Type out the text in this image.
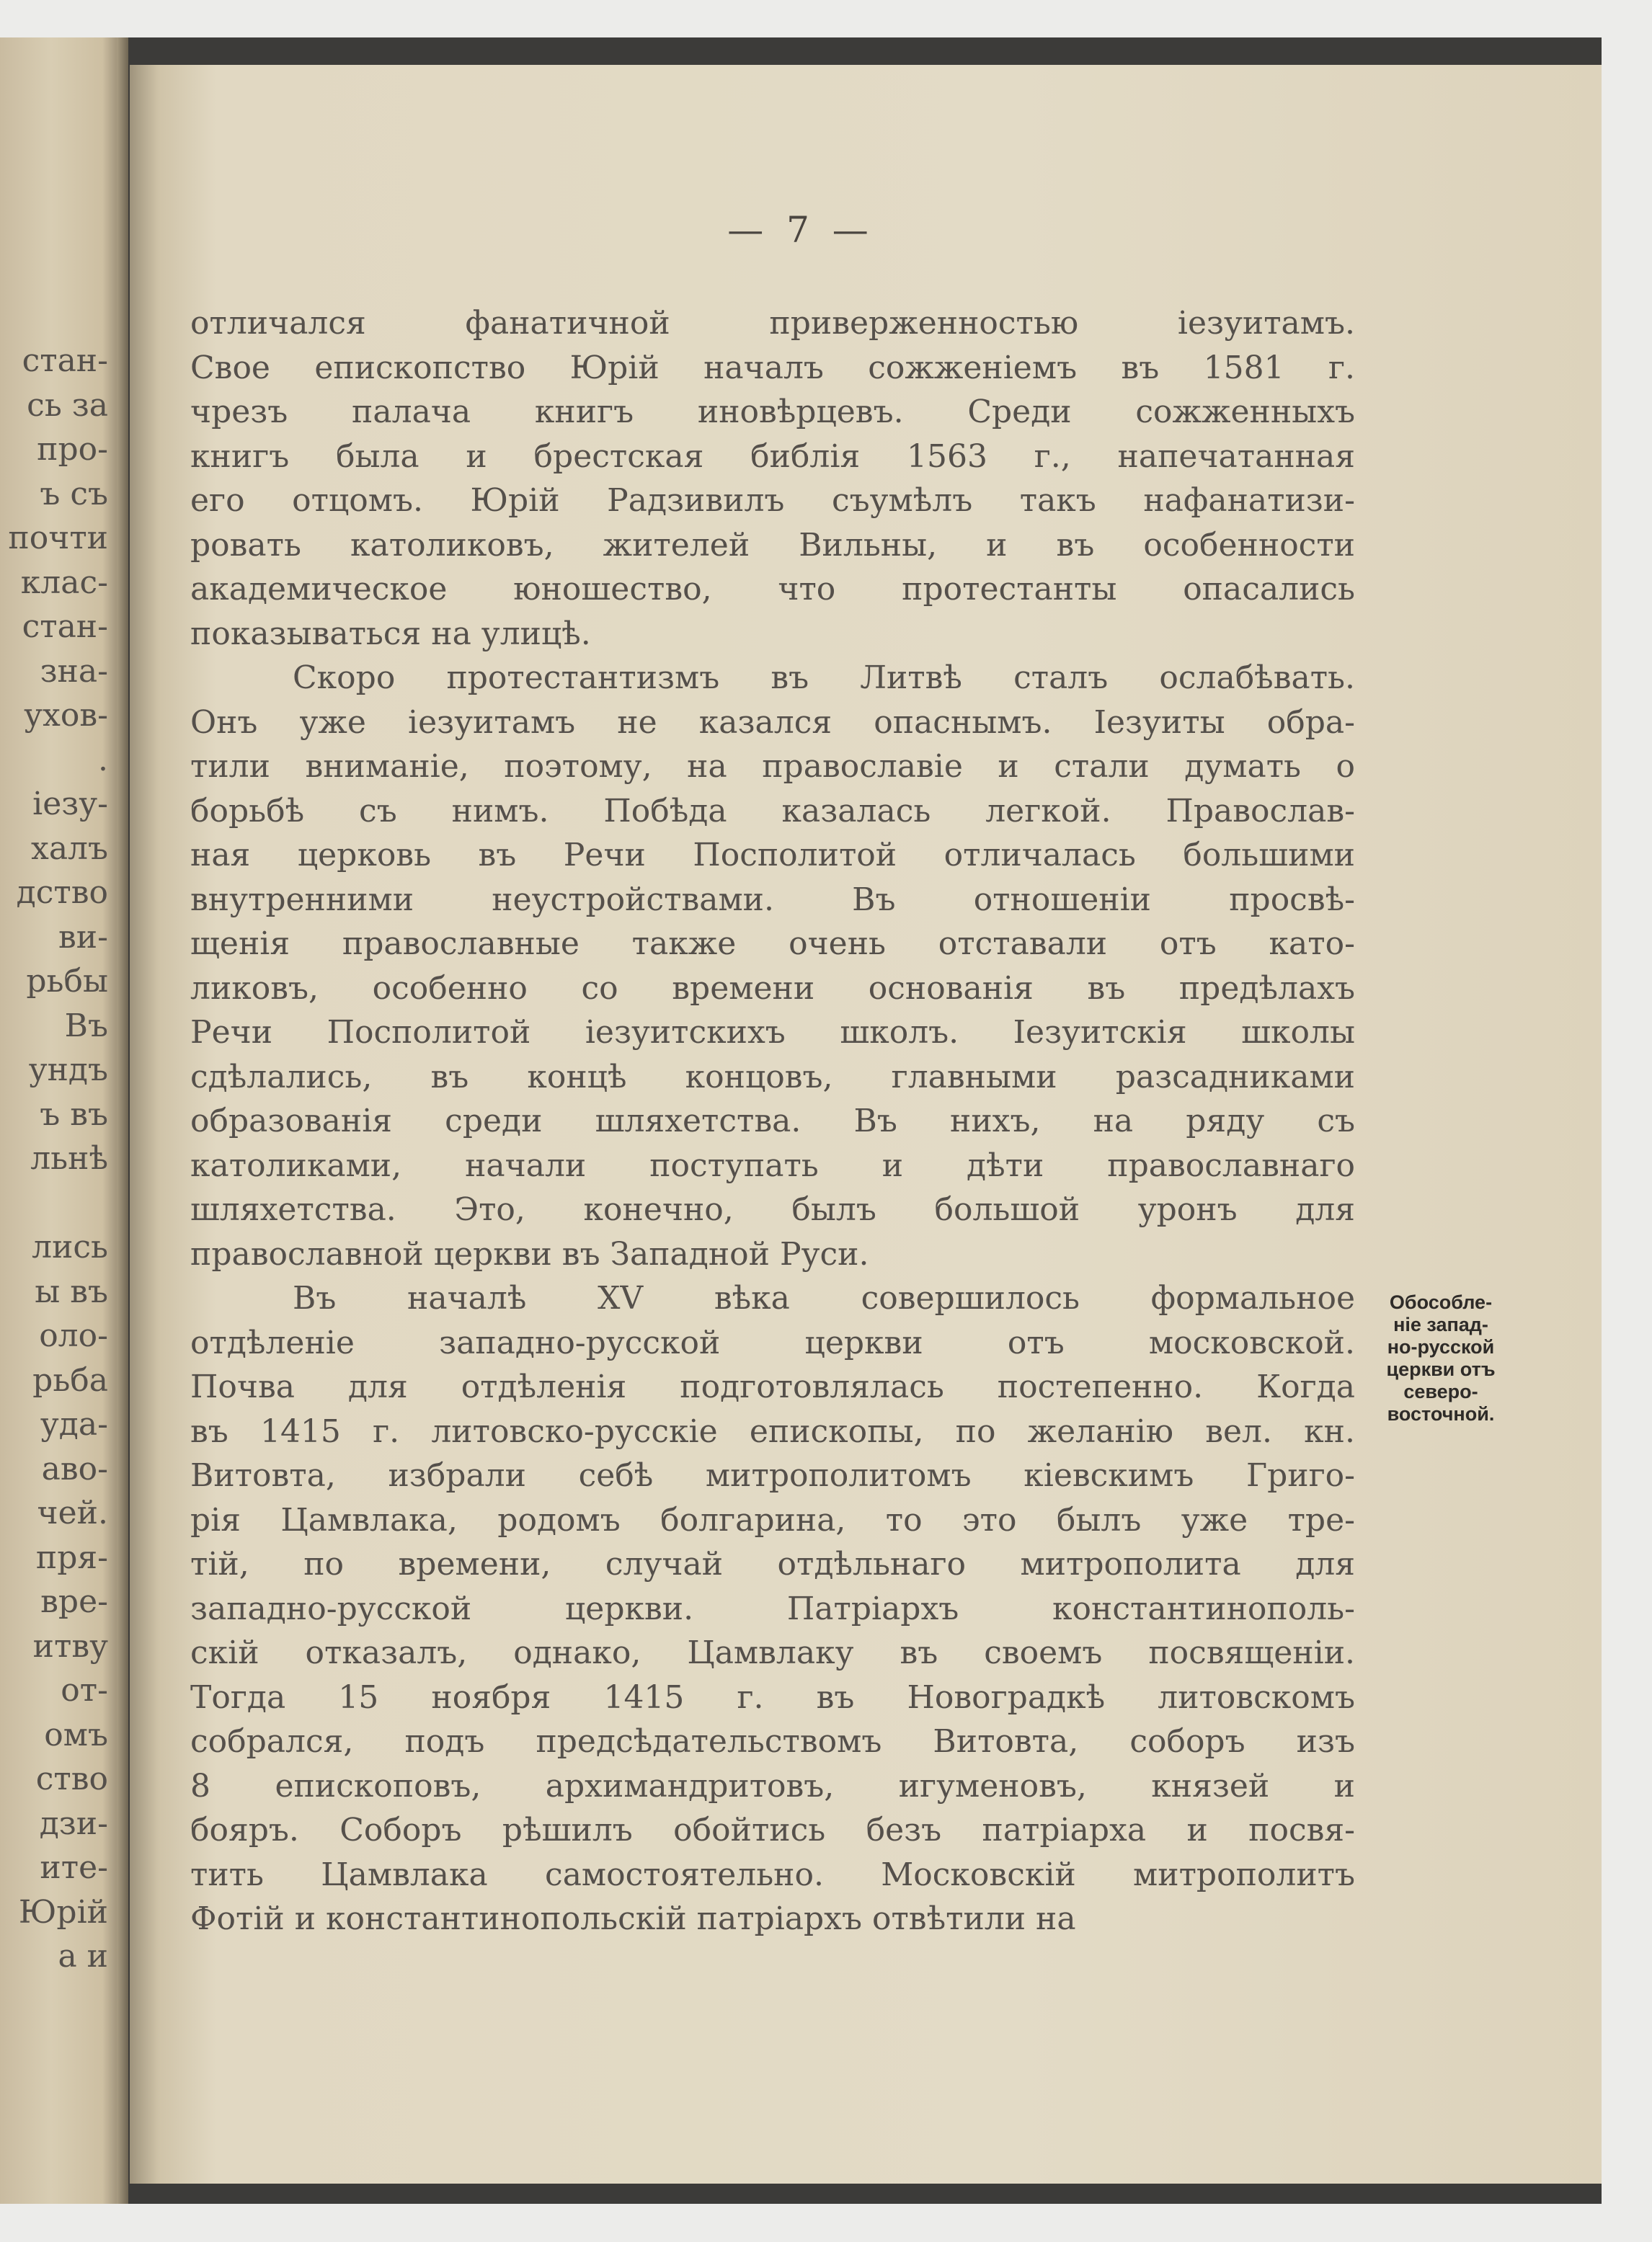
стан-
сь за
про-
ъ съ
почти
клас-
стан-
зна-
ухов-
.
iезу-
халъ
дство
ви-
рьбы
Въ
ундъ
ъ въ
льнѣ
лись
ы въ
оло-
рьба
уда-
аво-
чей.
пря-
вре-
итву
от-
омъ
ство
дзи-
ите-
Юрiй
а и
— 7 —
отличался фанатичной приверженностью iезуитамъ.
Свое епископство Юрiй началъ сожженiемъ въ 1581 г.
чрезъ палача книгъ иновѣрцевъ. Среди сожженныхъ
книгъ была и брестская библiя 1563 г., напечатанная
его отцомъ. Юрiй Радзивилъ съумѣлъ такъ нафанатизи-
ровать католиковъ, жителей Вильны, и въ особенности
академическое юношество, что протестанты опасались
показываться на улицѣ.
Скоро протестантизмъ въ Литвѣ сталъ ослабѣвать.
Онъ уже iезуитамъ не казался опаснымъ. Iезуиты обра-
тили вниманiе, поэтому, на православiе и стали думать о
борьбѣ съ нимъ. Побѣда казалась легкой. Православ-
ная церковь въ Речи Посполитой отличалась большими
внутренними неустройствами. Въ отношенiи просвѣ-
щенiя православные также очень отставали отъ като-
ликовъ, особенно со времени основанiя въ предѣлахъ
Речи Посполитой iезуитскихъ школъ. Iезуитскiя школы
сдѣлались, въ концѣ концовъ, главными разсадниками
образованiя среди шляхетства. Въ нихъ, на ряду съ
католиками, начали поступать и дѣти православнаго
шляхетства. Это, конечно, былъ большой уронъ для
православной церкви въ Западной Руси.
Въ началѣ XV вѣка совершилось формальное
отдѣленiе западно-русской церкви отъ московской.
Почва для отдѣленiя подготовлялась постепенно. Когда
въ 1415 г. литовско-русскiе епископы, по желанiю вел. кн.
Витовта, избрали себѣ митрополитомъ кiевскимъ Григо-
рiя Цамвлака, родомъ болгарина, то это былъ уже тре-
тiй, по времени, случай отдѣльнаго митрополита для
западно-русской церкви. Патрiархъ константинополь-
скiй отказалъ, однако, Цамвлаку въ своемъ посвященiи.
Тогда 15 ноября 1415 г. въ Новоградкѣ литовскомъ
собрался, подъ предсѣдательствомъ Витовта, соборъ изъ
8 епископовъ, архимандритовъ, игуменовъ, князей и
бояръ. Соборъ рѣшилъ обойтись безъ патрiарха и посвя-
тить Цамвлака самостоятельно. Московскiй митрополитъ
Фотiй и константинопольскiй патрiархъ отвѣтили на
Обособле-
нiе запад-
но-русской
церкви отъ
северо-
восточной.
